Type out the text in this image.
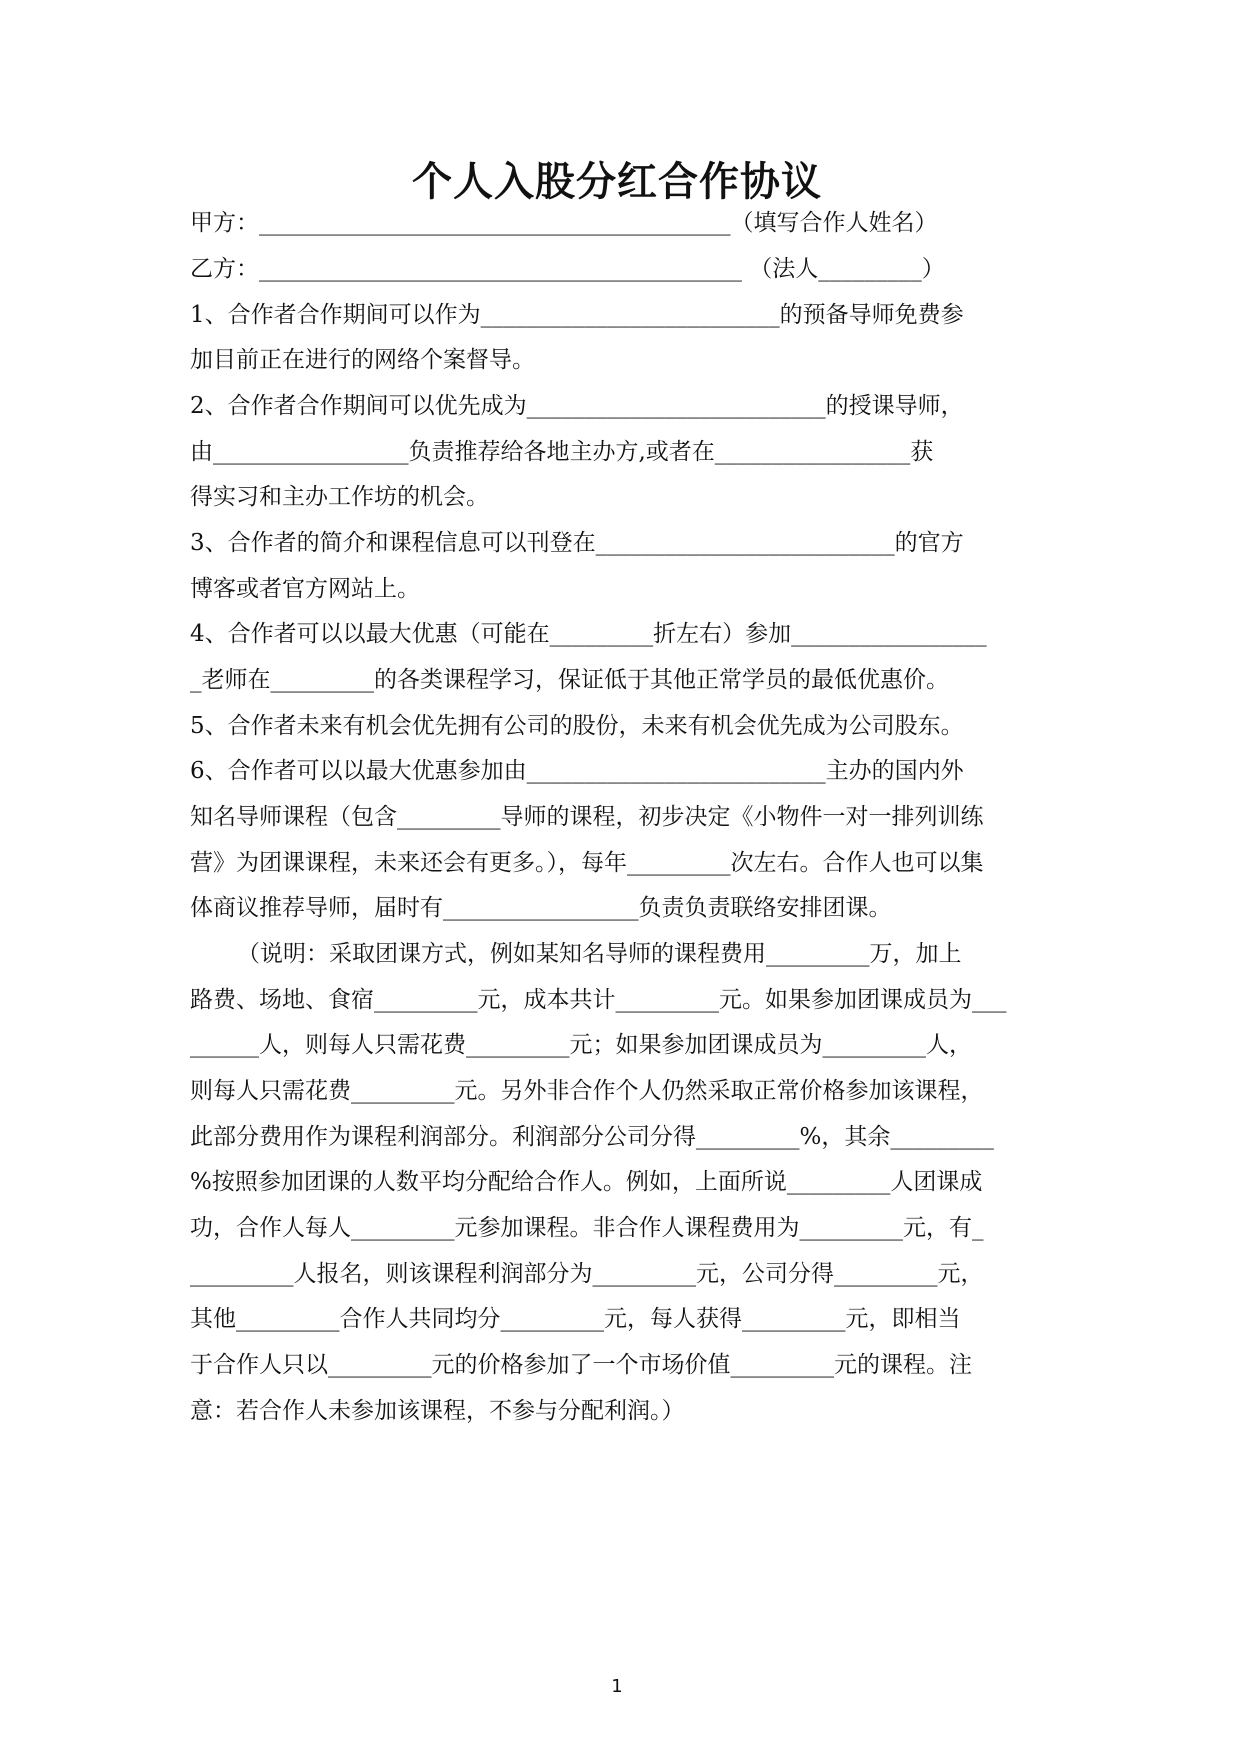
个人入股分红合作协议
甲方：_________________________________________（填写合作人姓名）
乙方：__________________________________________ （法人_________）
1、合作者合作期间可以作为__________________________的预备导师免费参
加目前正在进行的网络个案督导。
2、合作者合作期间可以优先成为__________________________的授课导师，
由_________________负责推荐给各地主办方,或者在_________________获
得实习和主办工作坊的机会。
3、合作者的简介和课程信息可以刊登在__________________________的官方
博客或者官方网站上。
4、合作者可以以最大优惠（可能在_________折左右）参加_________________
_老师在_________的各类课程学习，保证低于其他正常学员的最低优惠价。
5、合作者未来有机会优先拥有公司的股份，未来有机会优先成为公司股东。
6、合作者可以以最大优惠参加由__________________________主办的国内外
知名导师课程（包含_________导师的课程，初步决定《小物件一对一排列训练
营》为团课课程，未来还会有更多。），每年_________次左右。合作人也可以集
体商议推荐导师，届时有_________________负责负责联络安排团课。
（说明：采取团课方式，例如某知名导师的课程费用_________万，加上
路费、场地、食宿_________元，成本共计_________元。如果参加团课成员为___
______人，则每人只需花费_________元；如果参加团课成员为_________人，
则每人只需花费_________元。另外非合作个人仍然采取正常价格参加该课程，
此部分费用作为课程利润部分。利润部分公司分得_________%，其余_________
%按照参加团课的人数平均分配给合作人。例如，上面所说_________人团课成
功，合作人每人_________元参加课程。非合作人课程费用为_________元，有_
_________人报名，则该课程利润部分为_________元，公司分得_________元，
其他_________合作人共同均分_________元，每人获得_________元，即相当
于合作人只以_________元的价格参加了一个市场价值_________元的课程。注
意：若合作人未参加该课程，不参与分配利润。）
1
